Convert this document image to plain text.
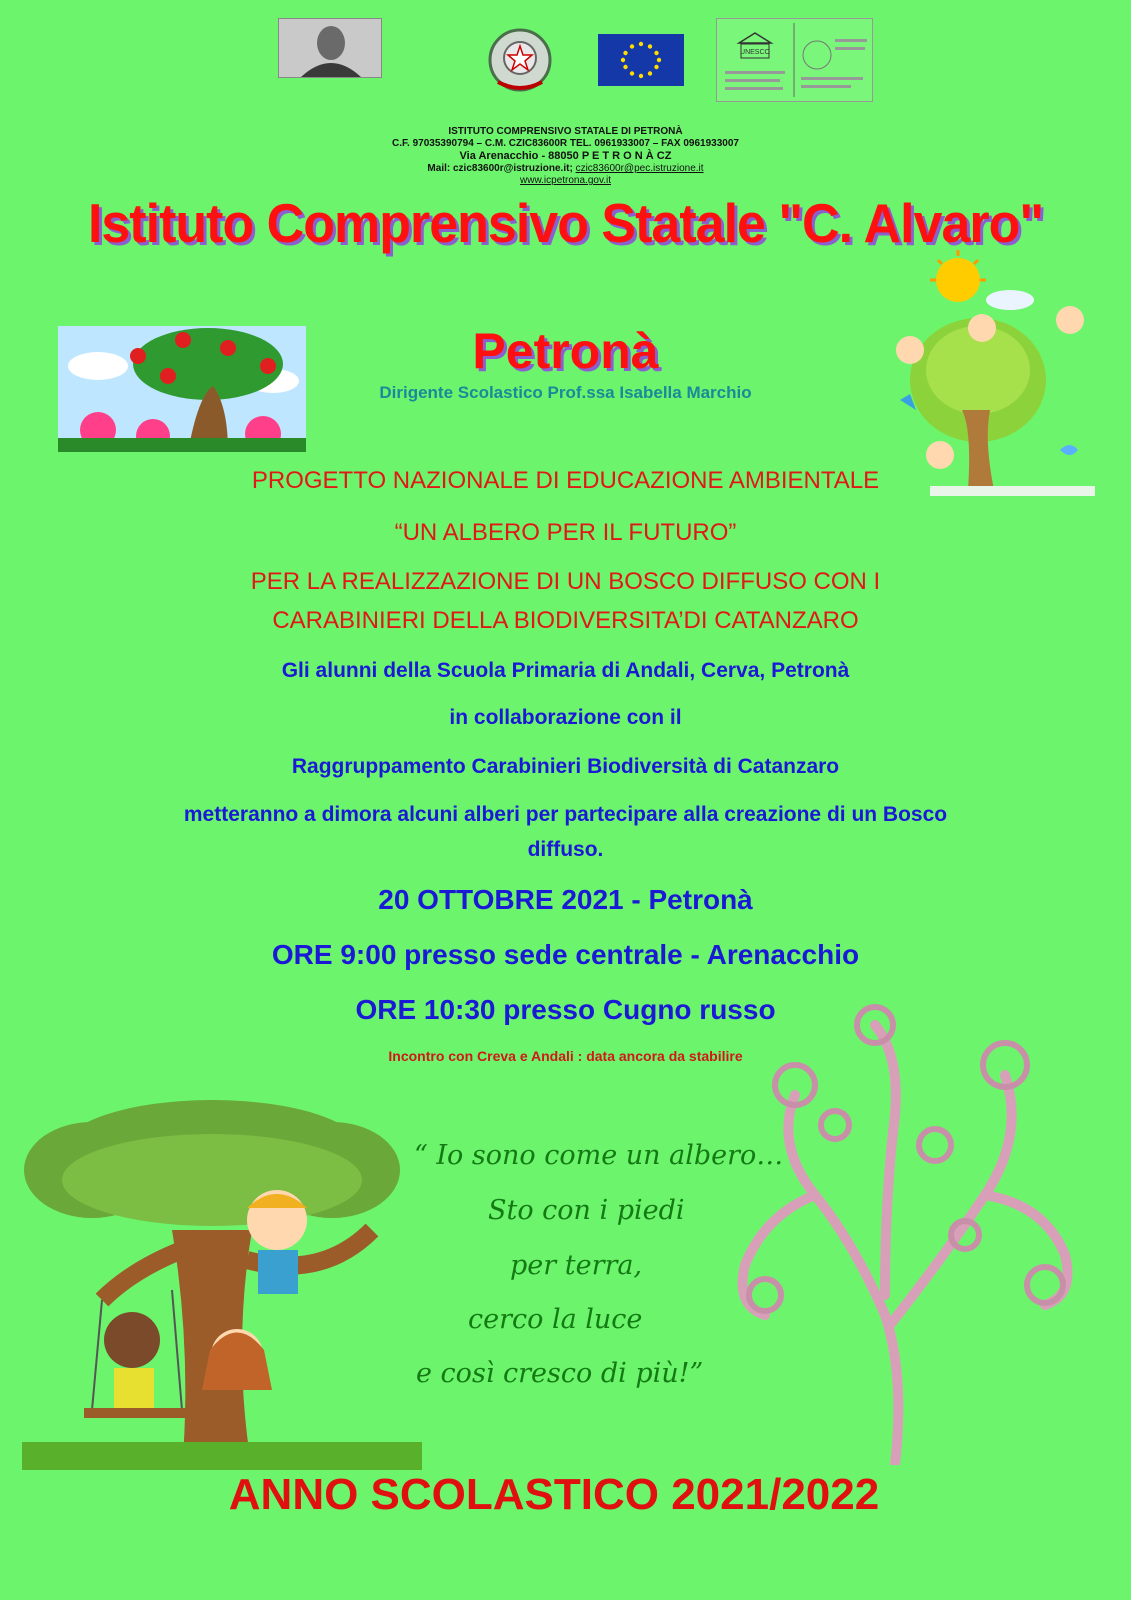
UNESCO
ISTITUTO COMPRENSIVO STATALE DI PETRONÀ
C.F. 97035390794 – C.M. CZIC83600R TEL. 0961933007 – FAX 0961933007
Via Arenacchio - 88050 P E T R O N À CZ
Mail: czic83600r@istruzione.it; czic83600r@pec.istruzione.it
www.icpetrona.gov.it
Istituto Comprensivo Statale "C. Alvaro"
Petronà
Dirigente Scolastico Prof.ssa Isabella Marchio
PROGETTO NAZIONALE DI EDUCAZIONE AMBIENTALE
“UN ALBERO PER IL FUTURO”
PER LA REALIZZAZIONE DI UN BOSCO DIFFUSO CON I
CARABINIERI DELLA BIODIVERSITA’DI CATANZARO
Gli alunni della Scuola Primaria di Andali, Cerva, Petronà
in collaborazione con il
Raggruppamento Carabinieri Biodiversità di Catanzaro
metteranno a dimora alcuni alberi per partecipare alla creazione di un Bosco
diffuso.
20 OTTOBRE 2021 - Petronà
ORE 9:00 presso sede centrale - Arenacchio
ORE 10:30 presso Cugno russo
Incontro con Creva e Andali : data ancora da stabilire
“ Io sono come un albero…
Sto con i piedi
per terra,
cerco la luce
e così cresco di più!”
ANNO SCOLASTICO 2021/2022
